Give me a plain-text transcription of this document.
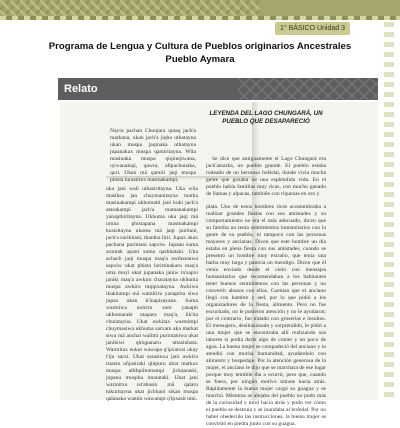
1° BÁSICO Unidad 3
Programa de Lengua y Cultura de Pueblos originarios Ancestrales
Pueblo Aymara
Relato
Nayra pachan Chunjara qutaq jach'a markana, ukan jach'a jiqhu uthatayna ukan muspa jaqinaka uthatayna jupanakax muspa qamiritayna. Wila masinaka muspa qiqiunjiwana, uywanakaji, qawra, allpachunaka, quri. Ukan mä qamiri jaqi muspa phista lurasiriex masinakampi,
uka jani wali uthasiritayna. Uka wila masiksa jan chuymanitayna marka masinakampi ukhumatti jani kuki jach'a atarakampi jach'a mamanakampi yanapthiritayna. Ukhuma uka jaqi mä uruna phistapana masinakampi kusisitayna ukarea mä jaqi puritani, jach'a surikhani, thantha lirii. Jupax akax pachana purintani sapxiw. Jupaan suma aruntak apani suma qashhataki. Uka achach jaqi muspa maq'a awthatanwa sapxiw ukat phista lurirtinakaru maq'a uma muyi ukat jupanaka janiw in'sapxi janiki maq'a awkiru charatayna ukhuma muspa awkiru tuqipxatayna. Awkiwa ikakitampi mä wamiriru yanaptita siwa jupax ukan k'inapisayana. Suma warmiwa awkiru sum yanapti ukhumarakt utaparu maq'a, lik'ita churatayna. Ukat awkitax warmimpi chuymasiwa ukhuma sarxam aka markat siwa mä anchai walimi purintaniwa ukat janikiwi qhiqpanaru uttasinhata. Warmitax eukut wawapa q'ipxarusi ukay t'iju sarxi. Ukat sarasinxa jani awkiru istasin uñjasirakí qhipuru ukat markax muspa allthpiitumampi jiriutaraski, jupanu muspha imarataki. Ukat jani warmitxa ist'ahasin mä qalaru tukuritayna ukat jichhani sikan muspa qalanaka wanim wawampi q'ipxasit utni.
LEYENDA DEL LAGO CHUNGARÁ, UN PUEBLO QUE DESAPARECIÓ

Se dice que antiguamente el Lago Chungará era jach'amarka, un pueblo grande. El pueblo estaba rodeado de un hermoso bofedal, donde vivía mucha gente que gozaba de una espléndida vida. En el pueblo había familias muy ricas, con mucho ganado de llamas y alpacas, también con riquezas en oro y

plata. Uno de estos hombres ricos acostumbraba a realizar grandes fiestas con sus amistades y su comportamiento no era el más adecuado, dicen que su familia no tenía sentimientos humanitarios con la gente de su pueblo, ni tampoco con las personas mayores y ancianas. Dicen que este hombre un día estaba en plena fiesta con sus amistades, cuando se presentó un hombre muy extraño, que tenía una barba muy larga y parecía un mendigo. Dicen que él venía enviado desde el cielo con mensajes humanitarios que recomendaban a los habitantes tener buenos sentimientos con las personas y no convertir abusos con ellas. Cuentan que el anciano llegó con hambre y sed, por lo que pidió a los organizadores de la fiesta, alimento. Pero no fue escuchado, no le pusieron atención y no le ayudaron; por el contrario, fue tratado con groserías e insultos. El mensajero, desilusionado y sorprendido, le pidió a una mujer que se encontraba allí realizando sus labores si podía darle algo de comer y un poco de agua. La buena mujer se compadeció del anciano y lo atendió con mucha humanidad, ayudándolo con alimento y hospedaje. Por la atención generosa de la mujer, el anciano le dijo que se marchara de ese lugar porque muy temible iba a ocurrir, pero que, cuando se fuera, por ningún motivo mirase hacia atrás. Rápidamente la buena mujer cargó su guagua y se marchó. Mientras se alejaba del pueblo no pudo más de la curiosidad y miró hacia atrás y pudo ver cómo el pueblo se destruía y se inundaba al bofedal. Por no haber obedecido las instrucciones, la buena mujer se convirtió en piedra junto con su guagua.
